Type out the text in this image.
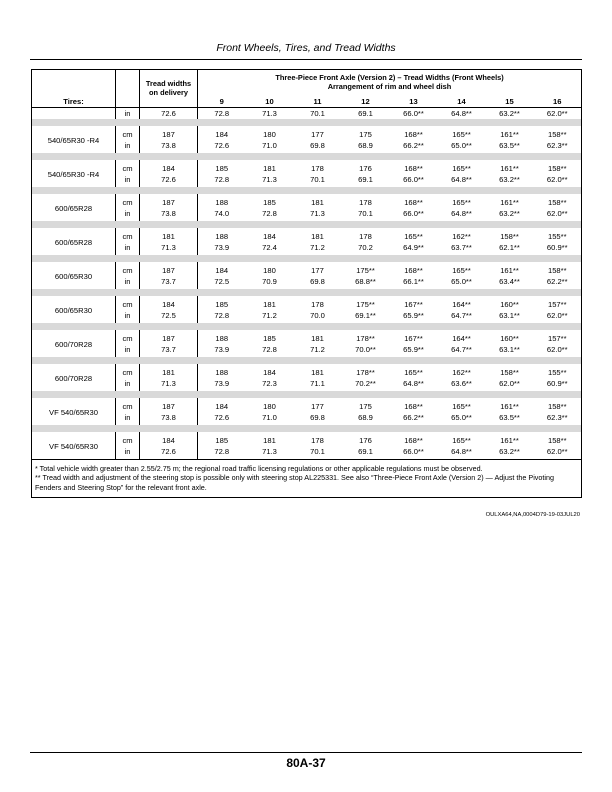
Front Wheels, Tires, and Tread Widths
Tires:		Tread widths
on delivery	Three-Piece Front Axle (Version 2) – Tread Widths (Front Wheels)							
			Arrangement of rim and wheel dish							
			9	10	11	12	13	14	15	16
	in	72.6	72.8	71.3	70.1	69.1	66.0**	64.8**	63.2**	62.0**

540/65R30 -R4	cm	187	184	180	177	175	168**	165**	161**	158**
	in	73.8	72.6	71.0	69.8	68.9	66.2**	65.0**	63.5**	62.3**

540/65R30 -R4	cm	184	185	181	178	176	168**	165**	161**	158**
	in	72.6	72.8	71.3	70.1	69.1	66.0**	64.8**	63.2**	62.0**

600/65R28	cm	187	188	185	181	178	168**	165**	161**	158**
	in	73.8	74.0	72.8	71.3	70.1	66.0**	64.8**	63.2**	62.0**

600/65R28	cm	181	188	184	181	178	165**	162**	158**	155**
	in	71.3	73.9	72.4	71.2	70.2	64.9**	63.7**	62.1**	60.9**

600/65R30	cm	187	184	180	177	175**	168**	165**	161**	158**
	in	73.7	72.5	70.9	69.8	68.8**	66.1**	65.0**	63.4**	62.2**

600/65R30	cm	184	185	181	178	175**	167**	164**	160**	157**
	in	72.5	72.8	71.2	70.0	69.1**	65.9**	64.7**	63.1**	62.0**

600/70R28	cm	187	188	185	181	178**	167**	164**	160**	157**
	in	73.7	73.9	72.8	71.2	70.0**	65.9**	64.7**	63.1**	62.0**

600/70R28	cm	181	188	184	181	178**	165**	162**	158**	155**
	in	71.3	73.9	72.3	71.1	70.2**	64.8**	63.6**	62.0**	60.9**

VF 540/65R30	cm	187	184	180	177	175	168**	165**	161**	158**
	in	73.8	72.6	71.0	69.8	68.9	66.2**	65.0**	63.5**	62.3**

VF 540/65R30	cm	184	185	181	178	176	168**	165**	161**	158**
	in	72.6	72.8	71.3	70.1	69.1	66.0**	64.8**	63.2**	62.0**

* Total vehicle width greater than 2.55/2.75 m; the regional road traffic licensing regulations or other applicable regulations must be observed.
** Tread width and adjustment of the steering stop is possible only with steering stop AL225331. See also “Three-Piece Front Axle (Version 2) — Adjust the Pivoting Fenders and Steering Stop” for the relevant front axle.										
OULXA64,NA,0004D79-19-03JUL20
80A-37
